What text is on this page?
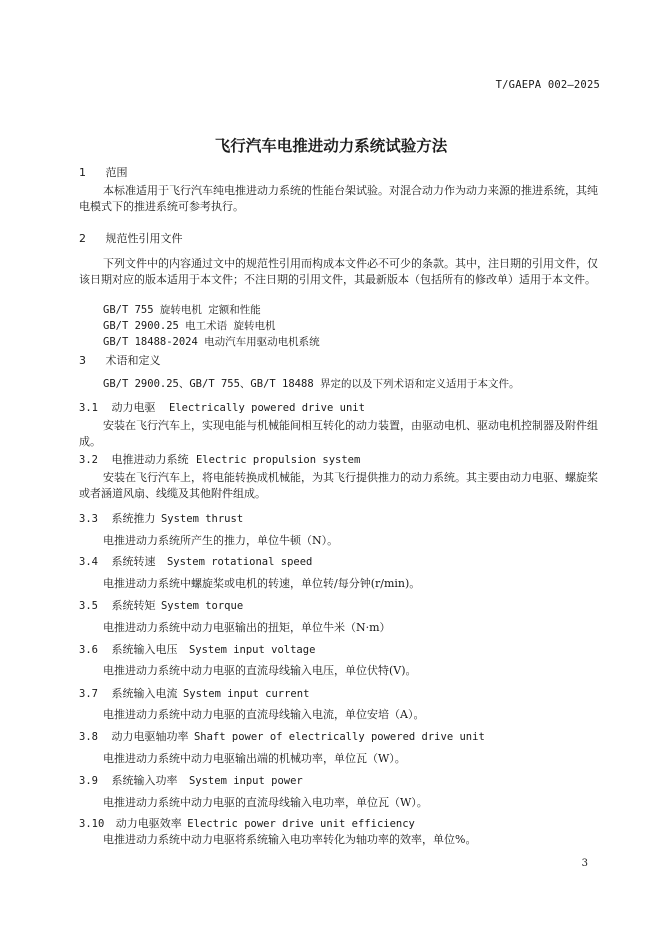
T/GAEPA 002—2025
飞行汽车电推进动力系统试验方法
1 范围
本标准适用于飞行汽车纯电推进动力系统的性能台架试验。对混合动力作为动力来源的推进系统，其纯电模式下的推进系统可参考执行。
2 规范性引用文件
下列文件中的内容通过文中的规范性引用而构成本文件必不可少的条款。其中，注日期的引用文件，仅该日期对应的版本适用于本文件；不注日期的引用文件，其最新版本（包括所有的修改单）适用于本文件。
GB/T 755 旋转电机 定额和性能
GB/T 2900.25 电工术语 旋转电机
GB/T 18488-2024 电动汽车用驱动电机系统
3 术语和定义
GB/T 2900.25、GB/T 755、GB/T 18488 界定的以及下列术语和定义适用于本文件。
3.1 动力电驱 Electrically powered drive unit
安装在飞行汽车上，实现电能与机械能间相互转化的动力装置，由驱动电机、驱动电机控制器及附件组成。
3.2 电推进动力系统 Electric propulsion system
安装在飞行汽车上，将电能转换成机械能，为其飞行提供推力的动力系统。其主要由动力电驱、螺旋桨或者涵道风扇、线缆及其他附件组成。
3.3 系统推力 System thrust
电推进动力系统所产生的推力，单位牛顿（N）。
3.4 系统转速 System rotational speed
电推进动力系统中螺旋桨或电机的转速，单位转/每分钟(r/min)。
3.5 系统转矩 System torque
电推进动力系统中动力电驱输出的扭矩，单位牛米（N·m）
3.6 系统输入电压 System input voltage
电推进动力系统中动力电驱的直流母线输入电压，单位伏特(V)。
3.7 系统输入电流 System input current
电推进动力系统中动力电驱的直流母线输入电流，单位安培（A）。
3.8 动力电驱轴功率 Shaft power of electrically powered drive unit
电推进动力系统中动力电驱输出端的机械功率，单位瓦（W）。
3.9 系统输入功率 System input power
电推进动力系统中动力电驱的直流母线输入电功率，单位瓦（W）。
3.10 动力电驱效率 Electric power drive unit efficiency
电推进动力系统中动力电驱将系统输入电功率转化为轴功率的效率，单位%。
3
